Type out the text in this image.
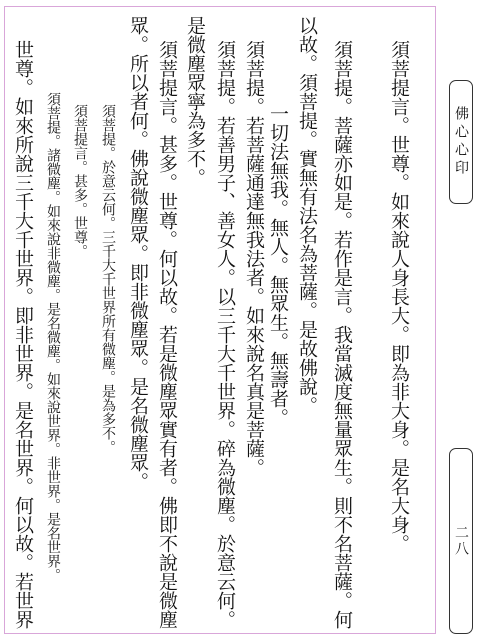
須菩提言。世尊。如來說人身長大。即為非大身。是名大身。
須菩提。菩薩亦如是。若作是言。我當滅度無量眾生。則不名菩薩。何
以故。須菩提。實無有法名為菩薩。是故佛說。
一切法無我。無人。無眾生。無壽者。
須菩提。若菩薩通達無我法者。如來說名真是菩薩。
須菩提。若善男子、善女人。以三千大千世界。碎為微塵。於意云何。
是微塵眾寧為多不。
須菩提言。甚多。世尊。何以故。若是微塵眾實有者。佛即不說是微塵
眾。所以者何。佛說微塵眾。即非微塵眾。是名微塵眾。
須菩提。於意云何。三千大千世界所有微塵。是為多不。
須菩提言。甚多。世尊。
須菩提。諸微塵。如來說非微塵。是名微塵。如來說世界。非世界。是名世界。
世尊。如來所說三千大千世界。即非世界。是名世界。何以故。若世界	佛心心印
二八
